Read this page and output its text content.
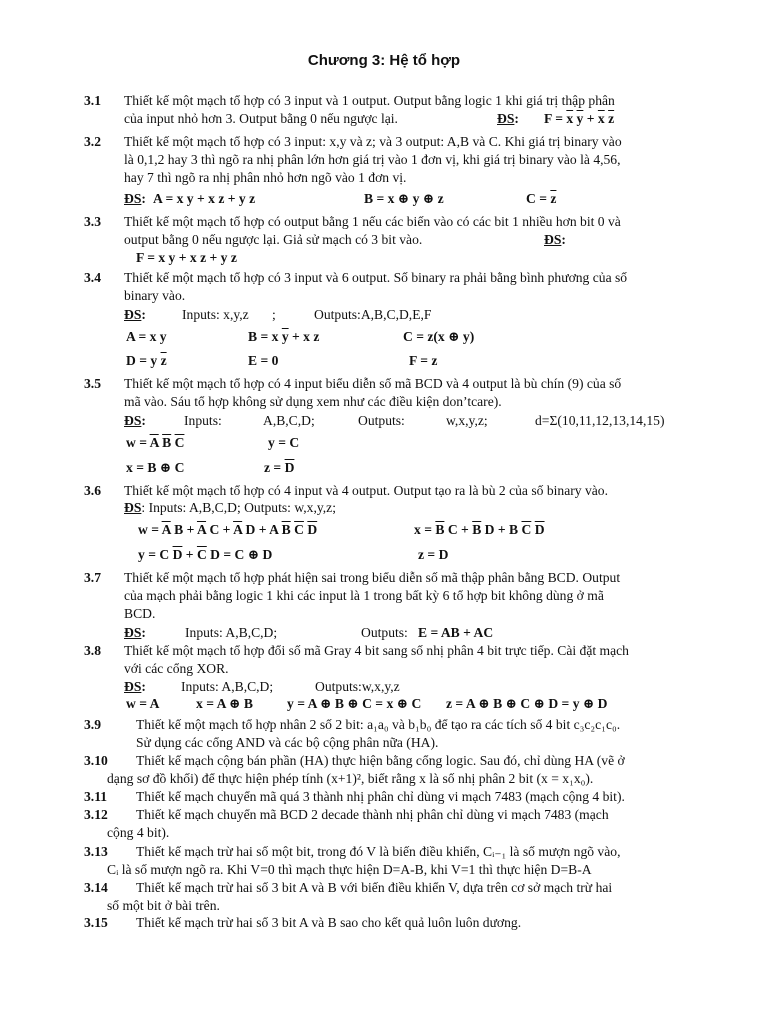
Chương 3: Hệ tổ hợp
3.1 Thiết kế một mạch tổ hợp có 3 input và 1 output. Output bằng logic 1 khi giá trị thập phân
của input nhỏ hơn 3. Output bằng 0 nếu ngược lại.	ĐS: $F = \overline{x}$ $\overline{y} + \overline{x}$ $\overline{z}$
3.2 Thiết kế một mạch tổ hợp có 3 input: x,y và z; và 3 output: A,B và C. Khi giá trị binary vào
là 0,1,2 hay 3 thì ngõ ra nhị phân lớn hơn giá trị vào 1 đơn vị, khi giá trị binary vào là 4,56,
hay 7 thì ngõ ra nhị phân nhỏ hơn ngõ vào 1 đơn vị.
ĐS: A = x y + x z + y z	B = x ⊕ y ⊕ z	$C = \overline{z}$
3.3 Thiết kế một mạch tổ hợp có output bằng 1 nếu các biến vào có các bit 1 nhiều hơn bit 0 và
output bằng 0 nếu ngược lại. Giả sử mạch có 3 bit vào.	ĐS:
F = x y + x z + y z
3.4 Thiết kế một mạch tổ hợp có 3 input và 6 output. Số binary ra phải bằng bình phương của số
binary vào.
ĐS:	Inputs: x,y,z ;	Outputs:A,B,C,D,E,F
A = x y	B = x $\overline{y} + x$ z	C = z(x ⊕ y)
D = y $\overline{z}$	E = 0	F = z
3.5 Thiết kế một mạch tổ hợp có 4 input biểu diễn số mã BCD và 4 output là bù chín (9) của số
mã vào. Sáu tổ hợp không sử dụng xem như các điều kiện don’tcare).
ĐS:	Inputs:	A,B,C,D;	Outputs:	w,x,y,z;	d=Σ(10,11,12,13,14,15)
$w = \overline{A}$ $\overline{B}$ $\overline{C}$	y = C
x = B ⊕ C	$z = \overline{D}$
3.6 Thiết kế một mạch tổ hợp có 4 input và 4 output. Output tạo ra là bù 2 của số binary vào.
ĐS: Inputs: A,B,C,D; Outputs: w,x,y,z;
$w = \overline{A}$ $B + \overline{A}$ $C + \overline{A}$ D + A $\overline{B}$ $\overline{C}$ $\overline{D}$	$x = \overline{B}$ $C + \overline{B}$ D + B $\overline{C}$ $\overline{D}$
y = C $\overline{D} + \overline{C}$ D = C ⊕ D	z = D
3.7 Thiết kế một mạch tổ hợp phát hiện sai trong biểu diễn số mã thập phân bằng BCD. Output
của mạch phải bằng logic 1 khi các input là 1 trong bất kỳ 6 tổ hợp bit không dùng ở mã
BCD.
ĐS:	Inputs: A,B,C,D;	Outputs: E = AB + AC
3.8 Thiết kế một mạch tổ hợp đổi số mã Gray 4 bit sang số nhị phân 4 bit trực tiếp. Cài đặt mạch
với các cổng XOR.
ĐS:	Inputs: A,B,C,D;	Outputs:w,x,y,z
w = A	x = A ⊕ B	y = A ⊕ B ⊕ C = x ⊕ C z = A ⊕ B ⊕ C ⊕ D = y ⊕ D
3.9	Thiết kế một mạch tổ hợp nhân 2 số 2 bit: a₁a₀ và b₁b₀ để tạo ra các tích số 4 bit c₃c₂c₁c₀.
Sử dụng các cổng AND và các bộ cộng phân nữa (HA).
3.10 Thiết kế mạch cộng bán phần (HA) thực hiện bằng cổng logic. Sau đó, chỉ dùng HA (vẽ ở
dạng sơ đồ khối) để thực hiện phép tính (x+1)², biết rằng x là số nhị phân 2 bit (x = x₁x₀).
3.11 Thiết kế mạch chuyển mã quá 3 thành nhị phân chỉ dùng vi mạch 7483 (mạch cộng 4 bit).
3.12 Thiết kế mạch chuyển mã BCD 2 decade thành nhị phân chỉ dùng vi mạch 7483 (mạch
cộng 4 bit).
3.13 Thiết kế mạch trừ hai số một bit, trong đó V là biến điều khiển, Cᵢ₋₁ là số mượn ngõ vào,
Cᵢ là số mượn ngõ ra. Khi V=0 thì mạch thực hiện D=A-B, khi V=1 thì thực hiện D=B-A
3.14 Thiết kế mạch trừ hai số 3 bit A và B với biến điều khiển V, dựa trên cơ sở mạch trừ hai
số một bit ở bài trên.
3.15 Thiết kế mạch trừ hai số 3 bit A và B sao cho kết quả luôn luôn dương.
